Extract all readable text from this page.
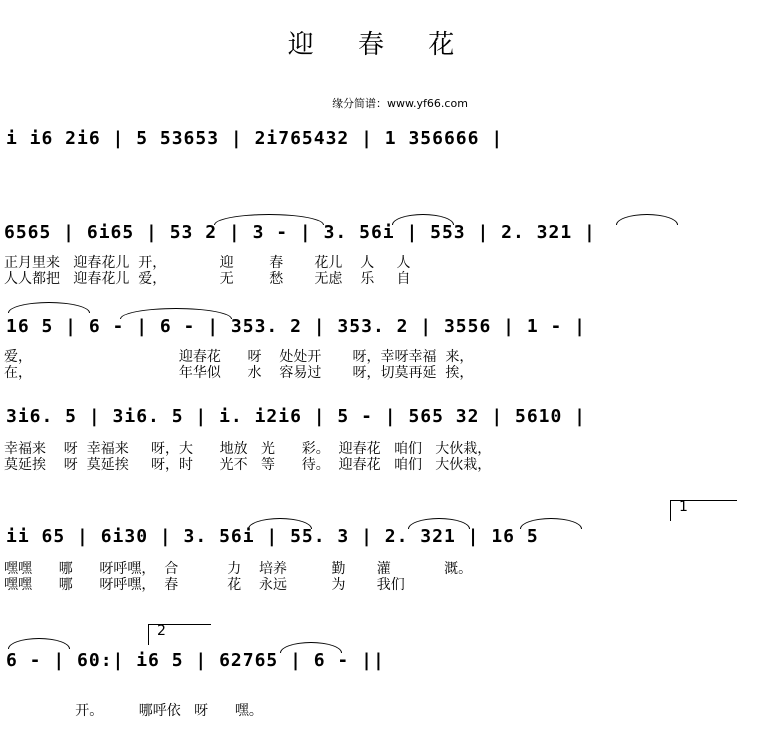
迎 春 花
缘分简谱：www.yf66.com
i i6 2i6 | 5 53653 | 2i765432 | 1 356666 |
6565 | 6i65 | 53 2 | 3 - | 3. 56i | 553 | 2. 321 |
正月里来   迎春花儿  开，            迎        春       花儿    人     人
人人都把   迎春花儿  爱，            无        愁       无虑    乐     自
16 5 | 6 - | 6 - | 353. 2 | 353. 2 | 3556 | 1 - |
爱，                                 迎春花      呀    处处开       呀，幸呀幸福  来，
在，                                 年华似      水    容易过       呀，切莫再延  挨，
3i6. 5 | 3i6. 5 | i. i2i6 | 5 - | 565 32 | 5610 |
幸福来    呀  幸福来     呀，大      地放   光      彩。  迎春花   咱们   大伙栽，
莫延挨    呀  莫延挨     呀，时      光不   等      待。  迎春花   咱们   大伙栽，
ii 65 | 6i30 | 3. 56i | 55. 3 | 2. 321 | 16 5
嘿嘿      哪      呀呼嘿，  合           力    培养          勤       灌            溉。
嘿嘿      哪      呀呼嘿，  春           花    永远          为       我们
1
6 - | 60:| i6 5 | 62765 | 6 - ||
开。        哪呼依   呀      嘿。
2
